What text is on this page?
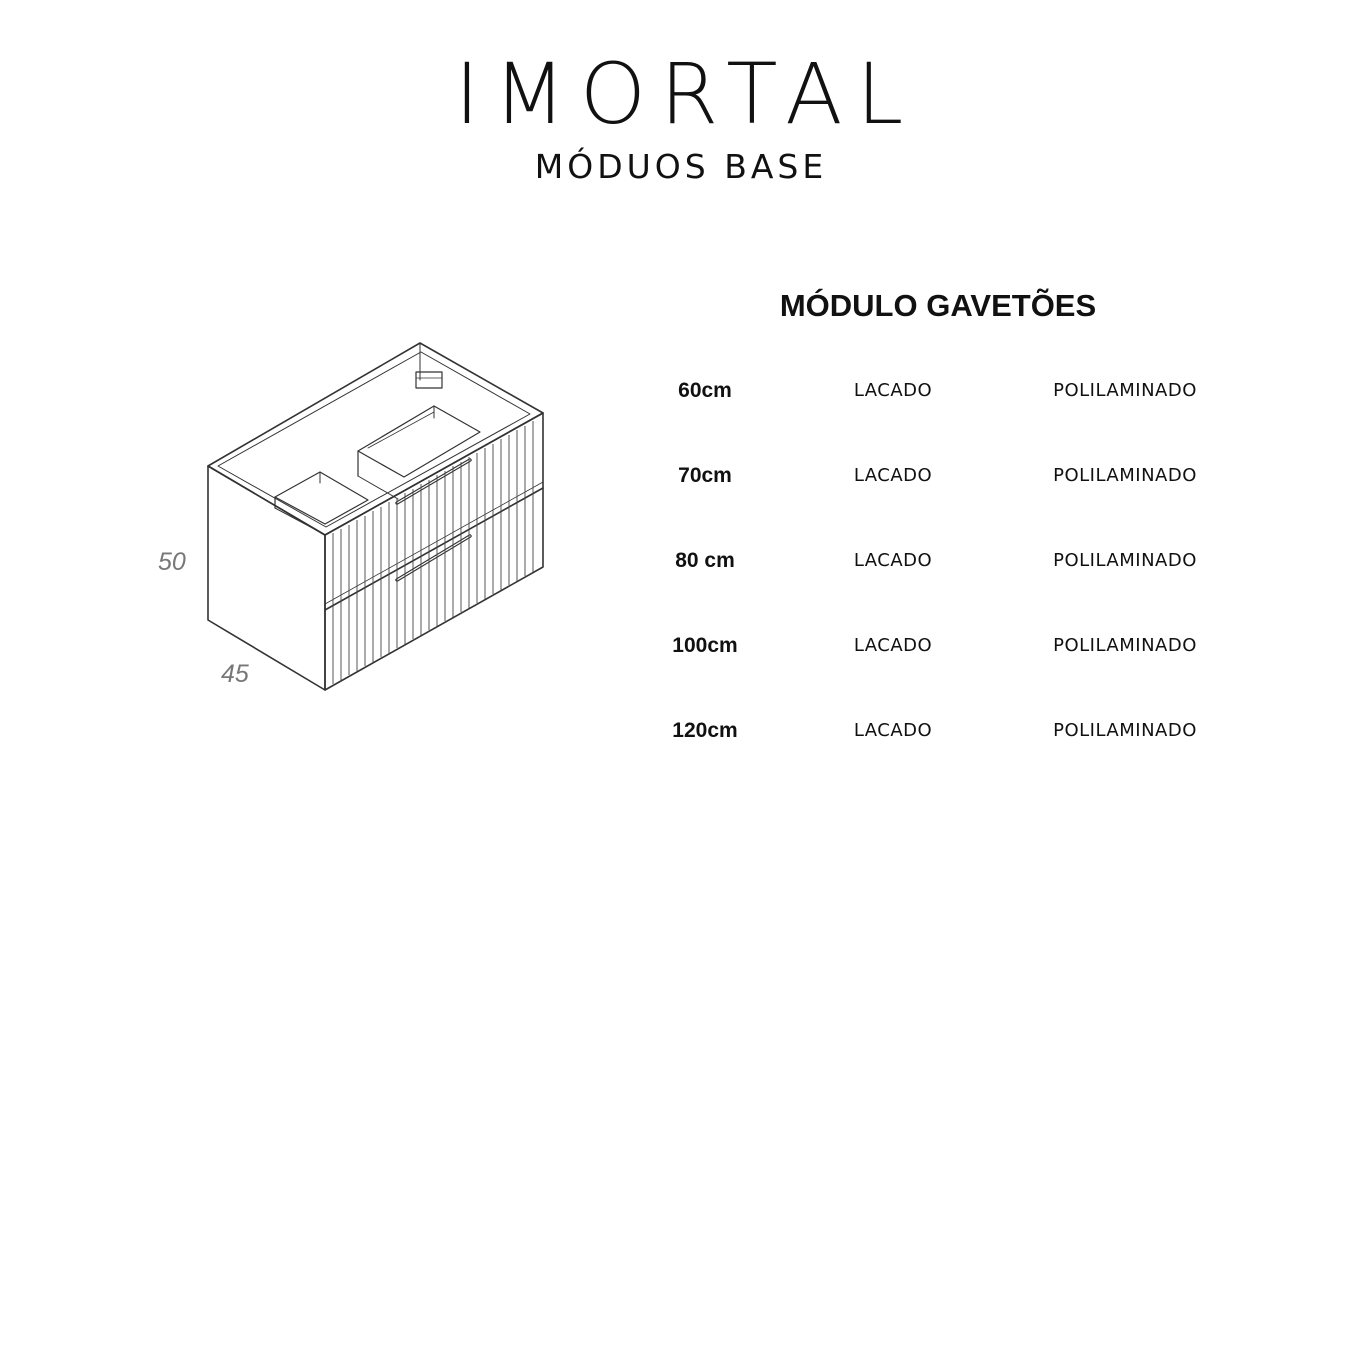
IMORTAL
MÓDUOS BASE
50
45
MÓDULO GAVETÕES
60cm	LACADO	POLILAMINADO
70cm	LACADO	POLILAMINADO
80 cm	LACADO	POLILAMINADO
100cm	LACADO	POLILAMINADO
120cm	LACADO	POLILAMINADO
